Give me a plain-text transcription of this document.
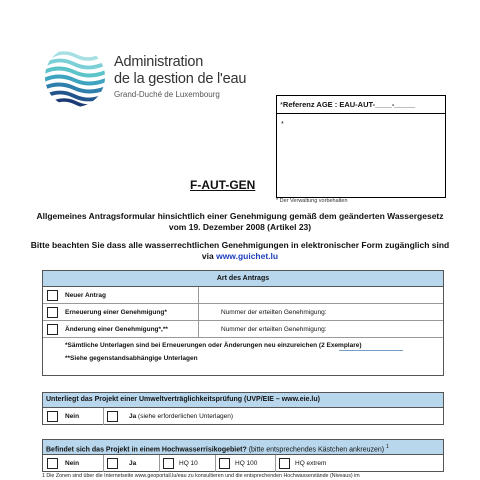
Administration
de la gestion de l'eau
Grand-Duché de Luxembourg
* Referenz AGE : EAU-AUT-____-_____
*
* Der Verwaltung vorbehalten
F-AUT-GEN
Allgemeines Antragsformular hinsichtlich einer Genehmigung gemäß dem geänderten Wassergesetz vom 19. Dezember 2008 (Artikel 23)
Bitte beachten Sie dass alle wasserrechtlichen Genehmigungen in elektronischer Form zugänglich sind via www.guichet.lu
Art des Antrags
Neuer Antrag
Erneuerung einer Genehmigung*	Nummer der erteilten Genehmigung:
Änderung einer Genehmigung*,**	Nummer der erteilten Genehmigung:
*Sämtliche Unterlagen sind bei Erneuerungen oder Änderungen neu einzureichen (2 Exemplare)
**Siehe gegenstandsabhängige Unterlagen
Unterliegt das Projekt einer Umweltverträglichkeitsprüfung (UVP/EIE – www.eie.lu)
Nein	Ja (siehe erforderlichen Unterlagen)
Befindet sich das Projekt in einem Hochwasserrisikogebiet? (bitte entsprechendes Kästchen ankreuzen) $^1$
Nein	Ja	HQ 10	HQ 100	HQ extrem
1 Die Zonen sind über die Internetseite www.geoportail.lu/eau zu konsultieren und die entsprechenden Hochwasserstände (Niveaus) im
